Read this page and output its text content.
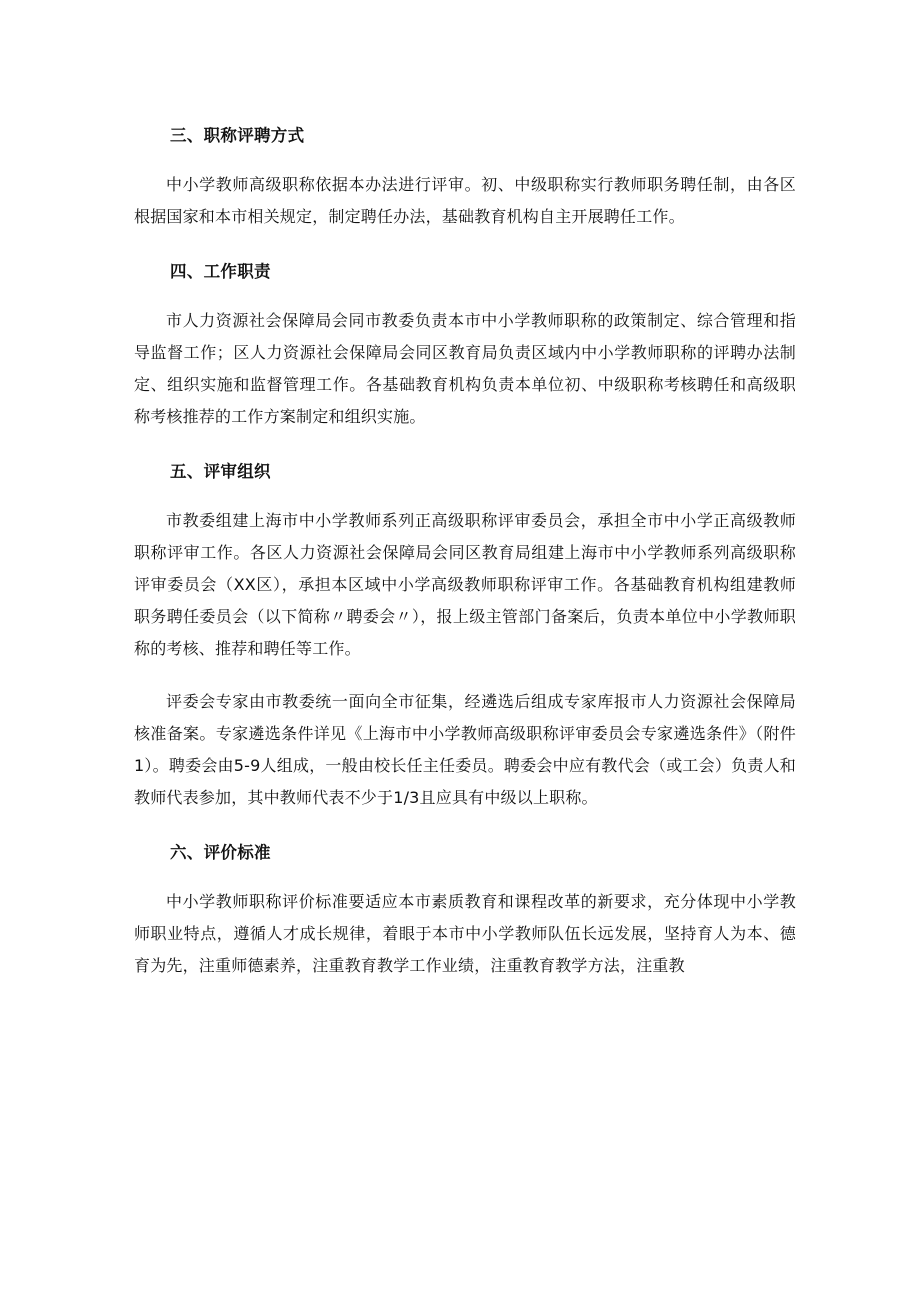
三、职称评聘方式

中小学教师高级职称依据本办法进行评审。初、中级职称实行教师职务聘任制，由各区根据国家和本市相关规定，制定聘任办法，基础教育机构自主开展聘任工作。

四、工作职责

市人力资源社会保障局会同市教委负责本市中小学教师职称的政策制定、综合管理和指导监督工作；区人力资源社会保障局会同区教育局负责区域内中小学教师职称的评聘办法制定、组织实施和监督管理工作。各基础教育机构负责本单位初、中级职称考核聘任和高级职称考核推荐的工作方案制定和组织实施。

五、评审组织

市教委组建上海市中小学教师系列正高级职称评审委员会，承担全市中小学正高级教师职称评审工作。各区人力资源社会保障局会同区教育局组建上海市中小学教师系列高级职称评审委员会（XX区），承担本区域中小学高级教师职称评审工作。各基础教育机构组建教师职务聘任委员会（以下简称〃聘委会〃），报上级主管部门备案后，负责本单位中小学教师职称的考核、推荐和聘任等工作。

评委会专家由市教委统一面向全市征集，经遴选后组成专家库报市人力资源社会保障局核准备案。专家遴选条件详见《上海市中小学教师高级职称评审委员会专家遴选条件》（附件1）。聘委会由5-9人组成，一般由校长任主任委员。聘委会中应有教代会（或工会）负责人和教师代表参加，其中教师代表不少于1/3且应具有中级以上职称。

六、评价标准

中小学教师职称评价标准要适应本市素质教育和课程改革的新要求，充分体现中小学教师职业特点，遵循人才成长规律，着眼于本市中小学教师队伍长远发展，坚持育人为本、德育为先，注重师德素养，注重教育教学工作业绩，注重教育教学方法，注重教
